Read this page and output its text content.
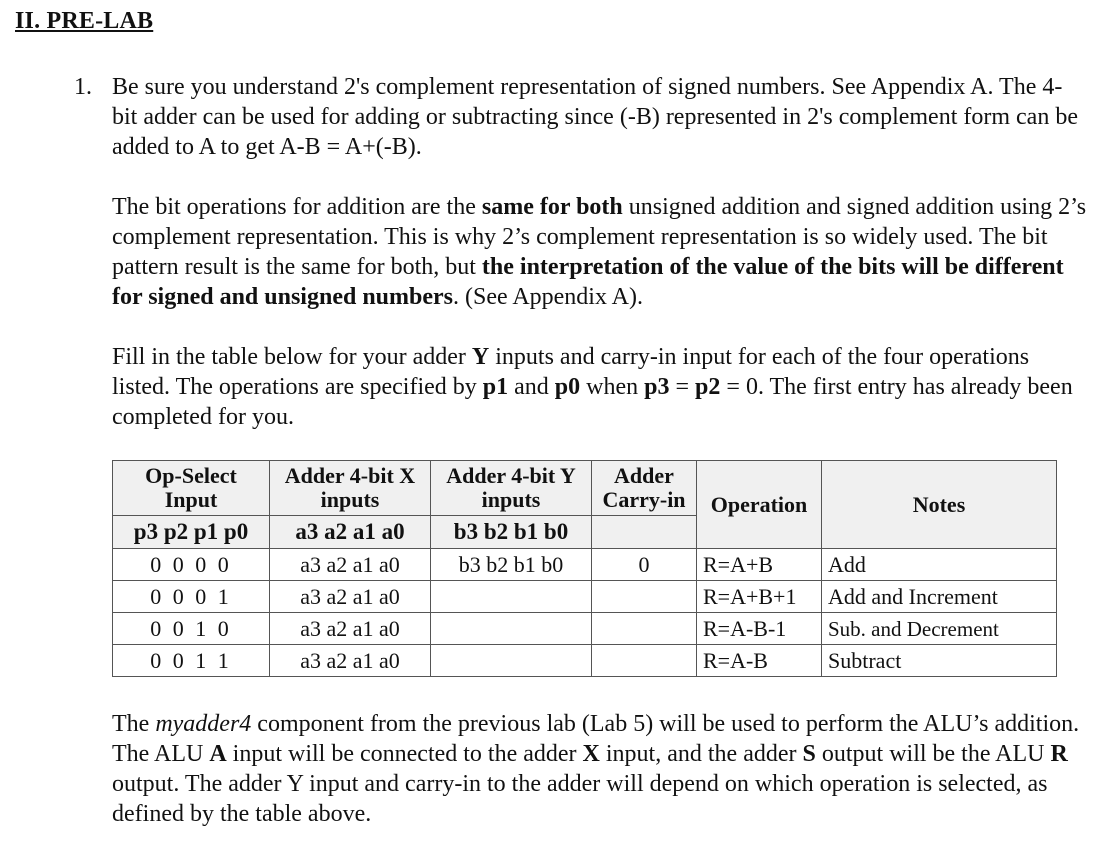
II. PRE-LAB
1. Be sure you understand 2's complement representation of signed numbers. See Appendix A. The 4-bit adder can be used for adding or subtracting since (-B) represented in 2's complement form can be added to A to get A-B = A+(-B).

The bit operations for addition are the same for both unsigned addition and signed addition using 2’s complement representation. This is why 2’s complement representation is so widely used. The bit pattern result is the same for both, but the interpretation of the value of the bits will be different for signed and unsigned numbers. (See Appendix A).

Fill in the table below for your adder Y inputs and carry-in input for each of the four operations listed. The operations are specified by p1 and p0 when p3 = p2 = 0. The first entry has already been completed for you.

Op-Select Input	Adder 4-bit X inputs	Adder 4-bit Y inputs	Adder Carry-in	Operation	Notes
p3 p2 p1 p0	a3 a2 a1 a0	b3 b2 b1 b0			
0 0 0 0	a3 a2 a1 a0	b3 b2 b1 b0	0	R=A+B	Add
0 0 0 1	a3 a2 a1 a0			R=A+B+1	Add and Increment
0 0 1 0	a3 a2 a1 a0			R=A-B-1	Sub. and Decrement
0 0 1 1	a3 a2 a1 a0			R=A-B	Subtract

The myadder4 component from the previous lab (Lab 5) will be used to perform the ALU’s addition. The ALU A input will be connected to the adder X input, and the adder S output will be the ALU R output. The adder Y input and carry-in to the adder will depend on which operation is selected, as defined by the table above.
